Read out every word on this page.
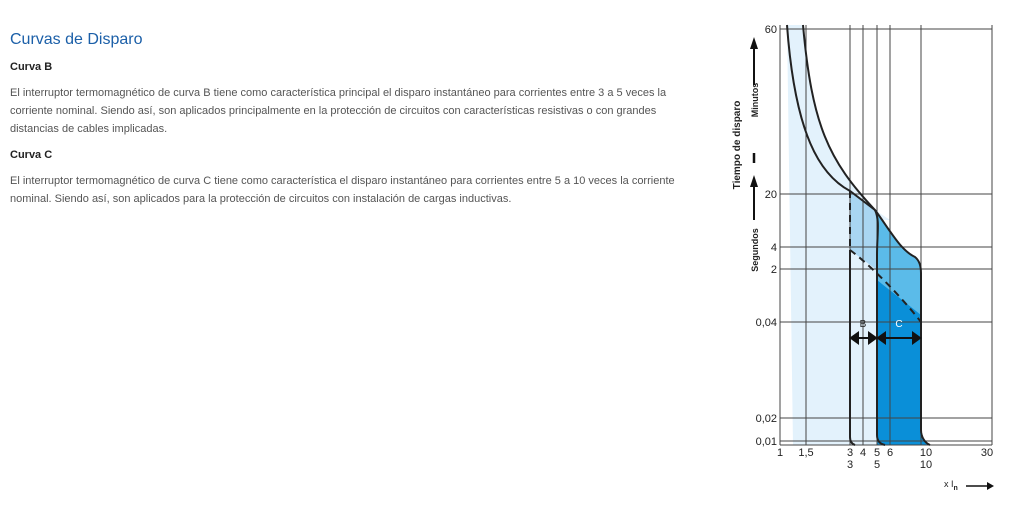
Curvas de Disparo
Curva B

El interruptor termomagnético de curva B tiene como característica principal el disparo instantáneo para corrientes entre 3 a 5 veces la corriente nominal. Siendo así, son aplicados principalmente en la protección de circuitos con características resistivas o con grandes distancias de cables implicadas.

Curva C

El interruptor termomagnético de curva C tiene como característica el disparo instantáneo para corrientes entre 5 a 10 veces la corriente nominal. Siendo así, son aplicados para la protección de circuitos con instalación de cargas inductivas.

B	C
60
20
4
2
0,04
0,02
0,01
1 1,5	3 4 5 6 10	30
3 5	10
x $I_n$
Tiempo de disparo
Minutos
Segundos
